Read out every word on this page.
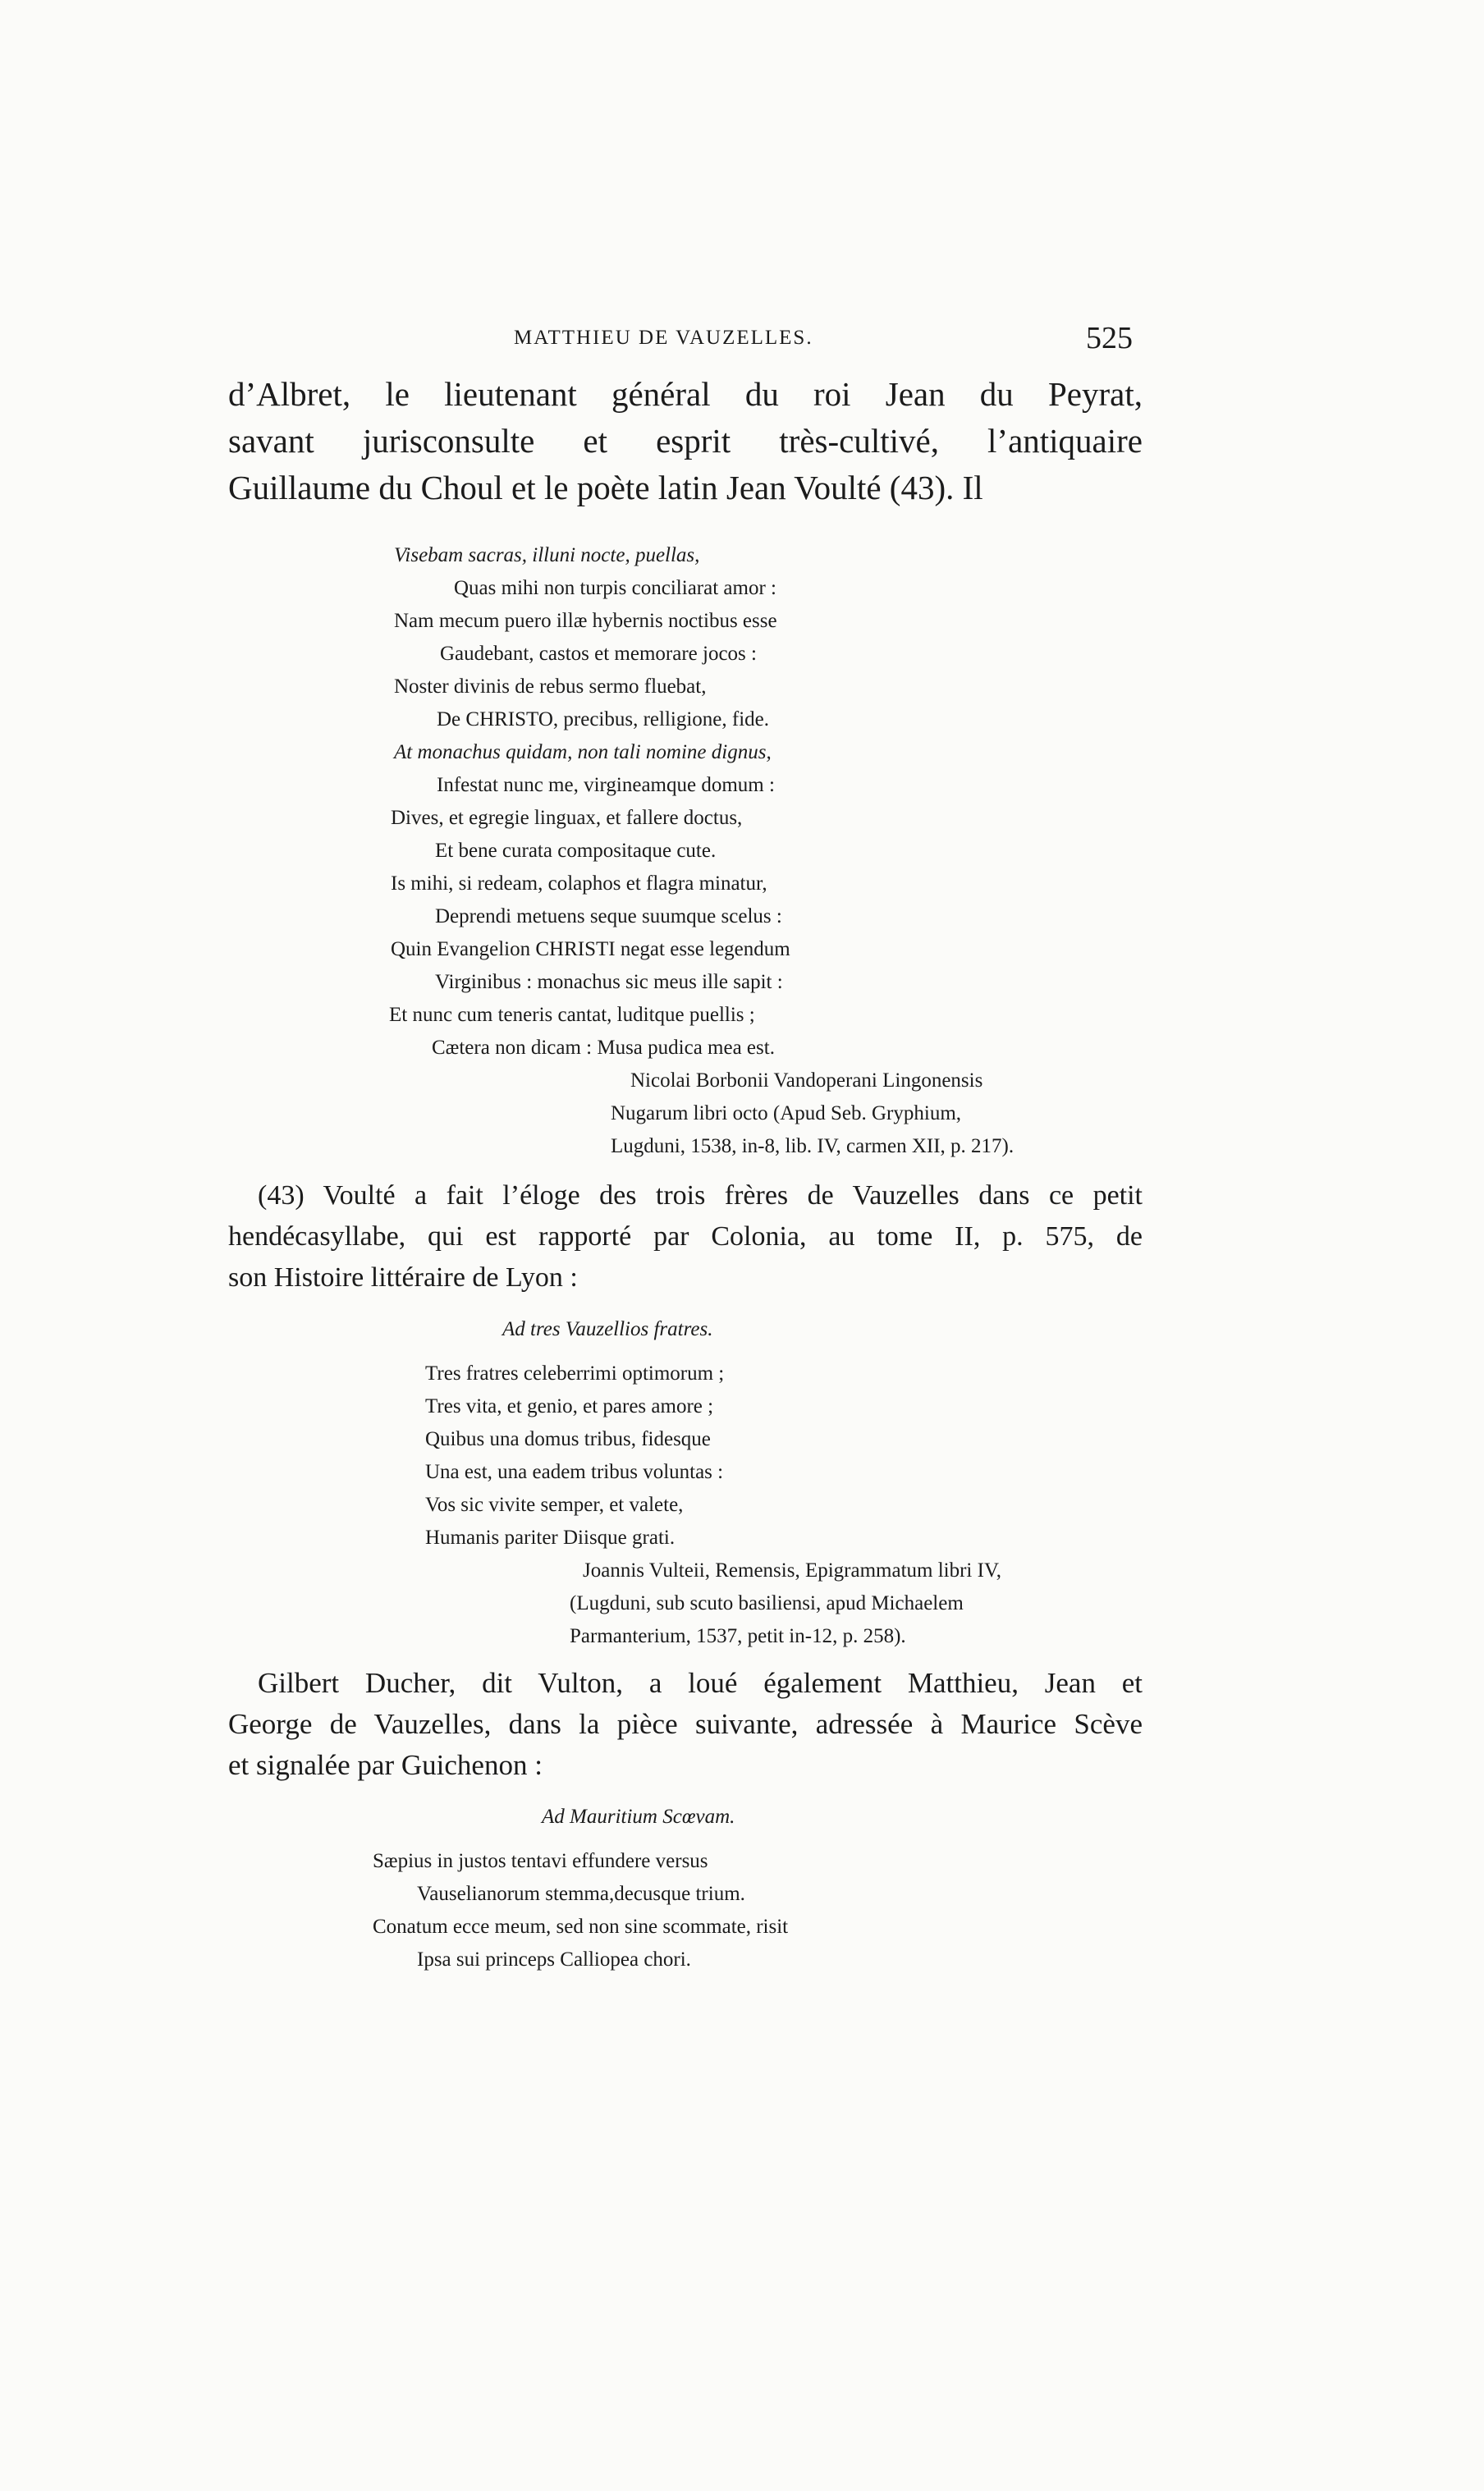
MATTHIEU DE VAUZELLES.	525
d’Albret, le lieutenant général du roi Jean du Peyrat,
savant jurisconsulte et esprit très-cultivé, l’antiquaire
Guillaume du Choul et le poète latin Jean Voulté (43). Il
Visebam sacras, illuni nocte, puellas,
Quas mihi non turpis conciliarat amor :
Nam mecum puero illæ hybernis noctibus esse
Gaudebant, castos et memorare jocos :
Noster divinis de rebus sermo fluebat,
De CHRISTO, precibus, relligione, fide.
At monachus quidam, non tali nomine dignus,
Infestat nunc me, virgineamque domum :
Dives, et egregie linguax, et fallere doctus,
Et bene curata compositaque cute.
Is mihi, si redeam, colaphos et flagra minatur,
Deprendi metuens seque suumque scelus :
Quin Evangelion CHRISTI negat esse legendum
Virginibus : monachus sic meus ille sapit :
Et nunc cum teneris cantat, luditque puellis ;
Cætera non dicam : Musa pudica mea est.
Nicolai Borbonii Vandoperani Lingonensis
Nugarum libri octo (Apud Seb. Gryphium,
Lugduni, 1538, in-8, lib. IV, carmen XII, p. 217).
(43) Voulté a fait l’éloge des trois frères de Vauzelles dans ce petit
hendécasyllabe, qui est rapporté par Colonia, au tome II, p. 575, de
son Histoire littéraire de Lyon :
Ad tres Vauzellios fratres.
Tres fratres celeberrimi optimorum ;
Tres vita, et genio, et pares amore ;
Quibus una domus tribus, fidesque
Una est, una eadem tribus voluntas :
Vos sic vivite semper, et valete,
Humanis pariter Diisque grati.
Joannis Vulteii, Remensis, Epigrammatum libri IV,
(Lugduni, sub scuto basiliensi, apud Michaelem
Parmanterium, 1537, petit in-12, p. 258).
Gilbert Ducher, dit Vulton, a loué également Matthieu, Jean et
George de Vauzelles, dans la pièce suivante, adressée à Maurice Scève
et signalée par Guichenon :
Ad Mauritium Scœvam.
Sæpius in justos tentavi effundere versus
Vauselianorum stemma,decusque trium.
Conatum ecce meum, sed non sine scommate, risit
Ipsa sui princeps Calliopea chori.
